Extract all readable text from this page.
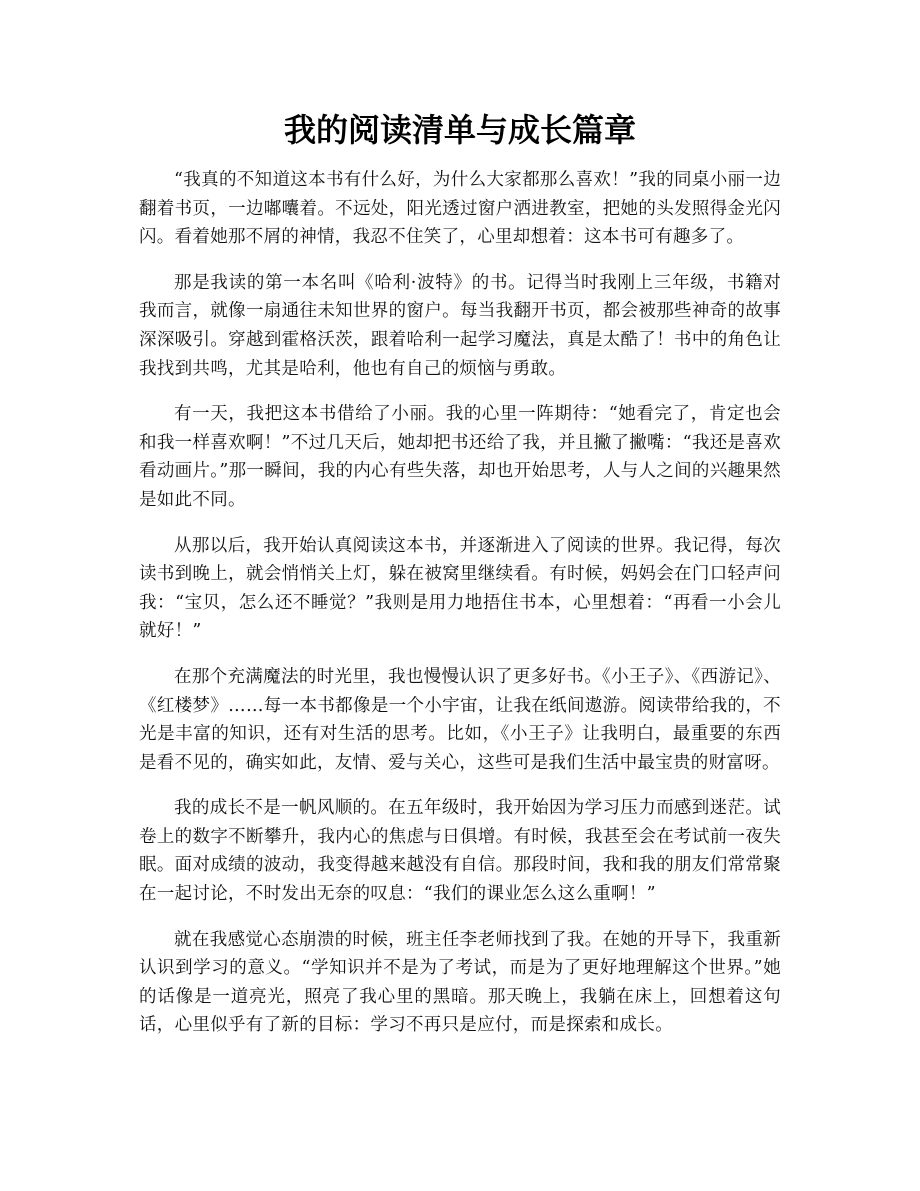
我的阅读清单与成长篇章

“我真的不知道这本书有什么好，为什么大家都那么喜欢！”我的同桌小丽一边翻着书页，一边嘟囔着。不远处，阳光透过窗户洒进教室，把她的头发照得金光闪闪。看着她那不屑的神情，我忍不住笑了，心里却想着：这本书可有趣多了。

那是我读的第一本名叫《哈利·波特》的书。记得当时我刚上三年级，书籍对我而言，就像一扇通往未知世界的窗户。每当我翻开书页，都会被那些神奇的故事深深吸引。穿越到霍格沃茨，跟着哈利一起学习魔法，真是太酷了！书中的角色让我找到共鸣，尤其是哈利，他也有自己的烦恼与勇敢。

有一天，我把这本书借给了小丽。我的心里一阵期待：“她看完了，肯定也会和我一样喜欢啊！”不过几天后，她却把书还给了我，并且撇了撇嘴：“我还是喜欢看动画片。”那一瞬间，我的内心有些失落，却也开始思考，人与人之间的兴趣果然是如此不同。

从那以后，我开始认真阅读这本书，并逐渐进入了阅读的世界。我记得，每次读书到晚上，就会悄悄关上灯，躲在被窝里继续看。有时候，妈妈会在门口轻声问我：“宝贝，怎么还不睡觉？”我则是用力地捂住书本，心里想着：“再看一小会儿就好！”

在那个充满魔法的时光里，我也慢慢认识了更多好书。《小王子》、《西游记》、《红楼梦》……每一本书都像是一个小宇宙，让我在纸间遨游。阅读带给我的，不光是丰富的知识，还有对生活的思考。比如，《小王子》让我明白，最重要的东西是看不见的，确实如此，友情、爱与关心，这些可是我们生活中最宝贵的财富呀。

我的成长不是一帆风顺的。在五年级时，我开始因为学习压力而感到迷茫。试卷上的数字不断攀升，我内心的焦虑与日俱增。有时候，我甚至会在考试前一夜失眠。面对成绩的波动，我变得越来越没有自信。那段时间，我和我的朋友们常常聚在一起讨论，不时发出无奈的叹息：“我们的课业怎么这么重啊！”

就在我感觉心态崩溃的时候，班主任李老师找到了我。在她的开导下，我重新认识到学习的意义。“学知识并不是为了考试，而是为了更好地理解这个世界。”她的话像是一道亮光，照亮了我心里的黑暗。那天晚上，我躺在床上，回想着这句话，心里似乎有了新的目标：学习不再只是应付，而是探索和成长。
